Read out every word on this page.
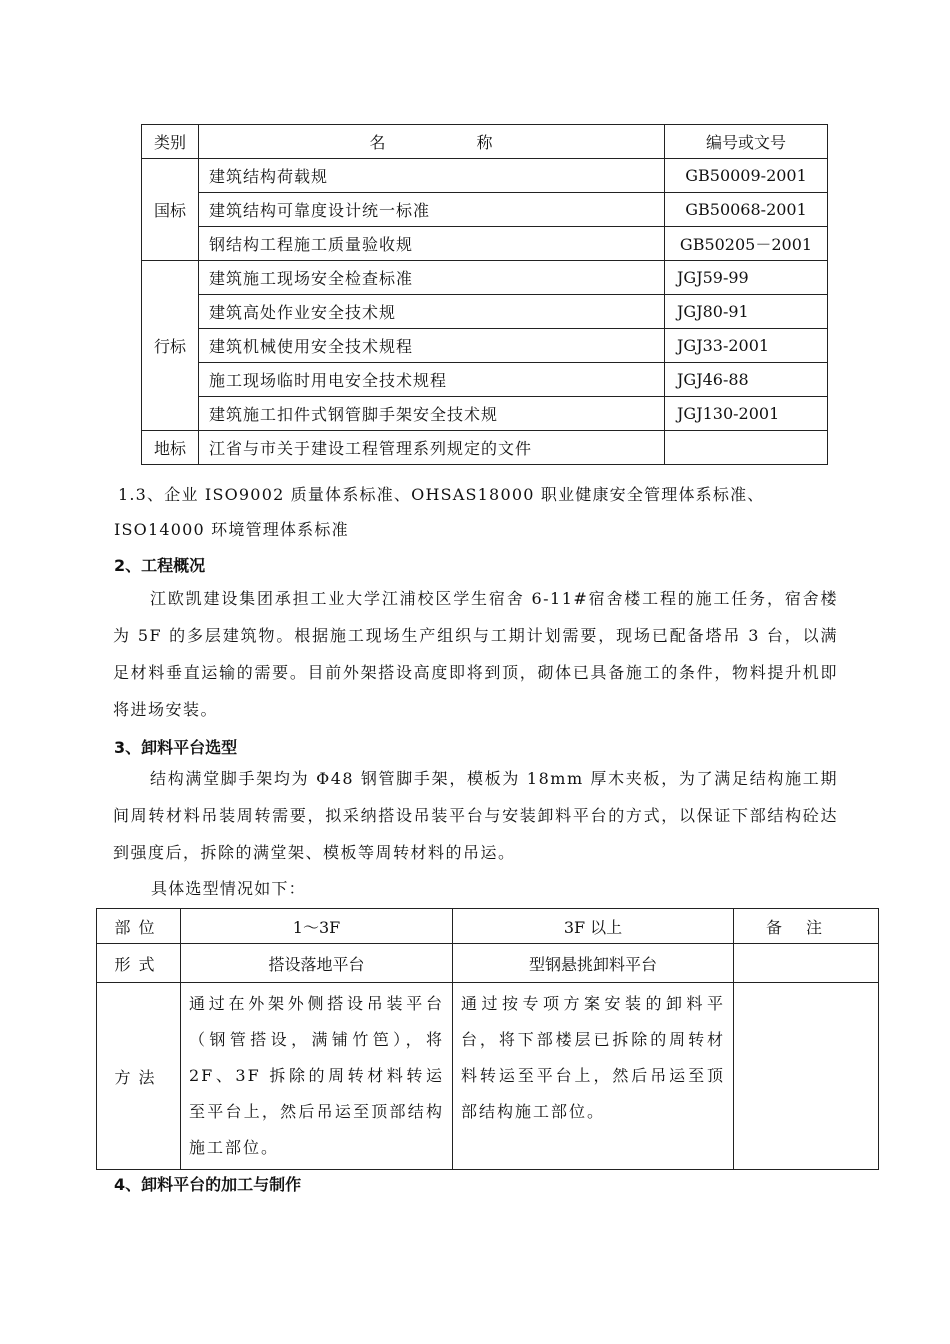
类别	名 称	编号或文号
国标	建筑结构荷载规	GB50009-2001
	建筑结构可靠度设计统一标准	GB50068-2001
	钢结构工程施工质量验收规	GB50205－2001
行标	建筑施工现场安全检查标准	JGJ59-99
	建筑高处作业安全技术规	JGJ80-91
	建筑机械使用安全技术规程	JGJ33-2001
	施工现场临时用电安全技术规程	JGJ46-88
	建筑施工扣件式钢管脚手架安全技术规	JGJ130-2001
地标	江省与市关于建设工程管理系列规定的文件	
1.3、企业 ISO9002 质量体系标准、OHSAS18000 职业健康安全管理体系标准、
ISO14000 环境管理体系标准
2、工程概况
江欧凯建设集团承担工业大学江浦校区学生宿舍 6-11#宿舍楼工程的施工任务，宿舍楼为 5F 的多层建筑物。根据施工现场生产组织与工期计划需要，现场已配备塔吊 3 台，以满足材料垂直运输的需要。目前外架搭设高度即将到顶，砌体已具备施工的条件，物料提升机即将进场安装。
3、卸料平台选型
结构满堂脚手架均为 Φ48 钢管脚手架，模板为 18mm 厚木夹板，为了满足结构施工期间周转材料吊装周转需要，拟采纳搭设吊装平台与安装卸料平台的方式，以保证下部结构砼达到强度后，拆除的满堂架、模板等周转材料的吊运。
具体选型情况如下：
部位	1～3F	3F 以上	备注
形式	搭设落地平台	型钢悬挑卸料平台	
方法	通过在外架外侧搭设吊装平台（钢管搭设，满铺竹笆），将 2F、3F 拆除的周转材料转运至平台上，然后吊运至顶部结构施工部位。	通过按专项方案安装的卸料平台，将下部楼层已拆除的周转材料转运至平台上，然后吊运至顶部结构施工部位。	
4、卸料平台的加工与制作
